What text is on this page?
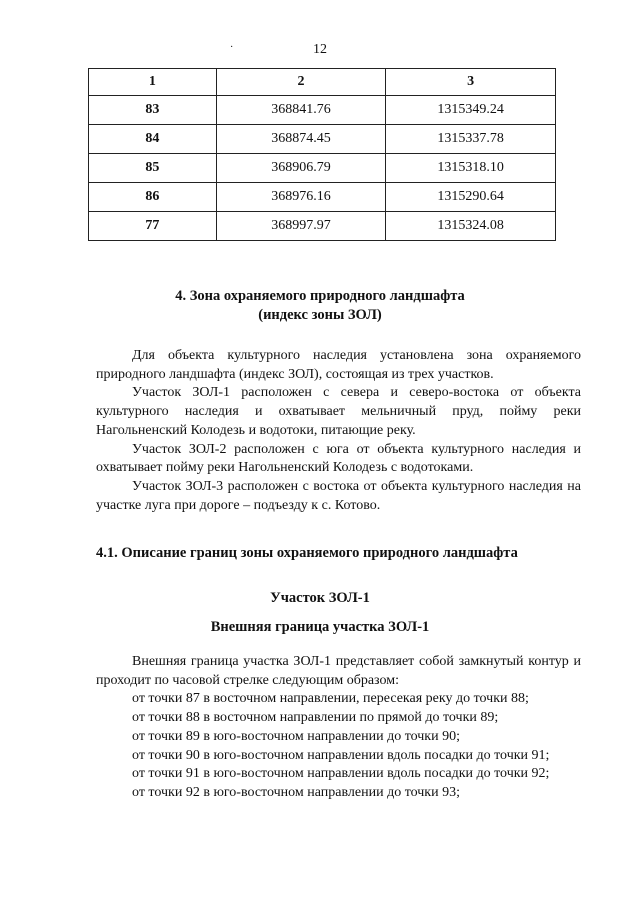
·	12
1	2	3
83	368841.76	1315349.24
84	368874.45	1315337.78
85	368906.79	1315318.10
86	368976.16	1315290.64
77	368997.97	1315324.08
4. Зона охраняемого природного ландшафта
(индекс зоны ЗОЛ)

Для объекта культурного наследия установлена зона охраняемого природного ландшафта (индекс ЗОЛ), состоящая из трех участков.

Участок ЗОЛ-1 расположен с севера и северо-востока от объекта культурного наследия и охватывает мельничный пруд, пойму реки Нагольненский Колодезь и водотоки, питающие реку.

Участок ЗОЛ-2 расположен с юга от объекта культурного наследия и охватывает пойму реки Нагольненский Колодезь с водотоками.

Участок ЗОЛ-3 расположен с востока от объекта культурного наследия на участке луга при дороге – подъезду к с. Котово.

4.1. Описание границ зоны охраняемого природного ландшафта
Участок ЗОЛ-1
Внешняя граница участка ЗОЛ-1

Внешняя граница участка ЗОЛ-1 представляет собой замкнутый контур и проходит по часовой стрелке следующим образом:

от точки 87 в восточном направлении, пересекая реку до точки 88;

от точки 88 в восточном направлении по прямой до точки 89;

от точки 89 в юго-восточном направлении до точки 90;

от точки 90 в юго-восточном направлении вдоль посадки до точки 91;

от точки 91 в юго-восточном направлении вдоль посадки до точки 92;

от точки 92 в юго-восточном направлении до точки 93;
